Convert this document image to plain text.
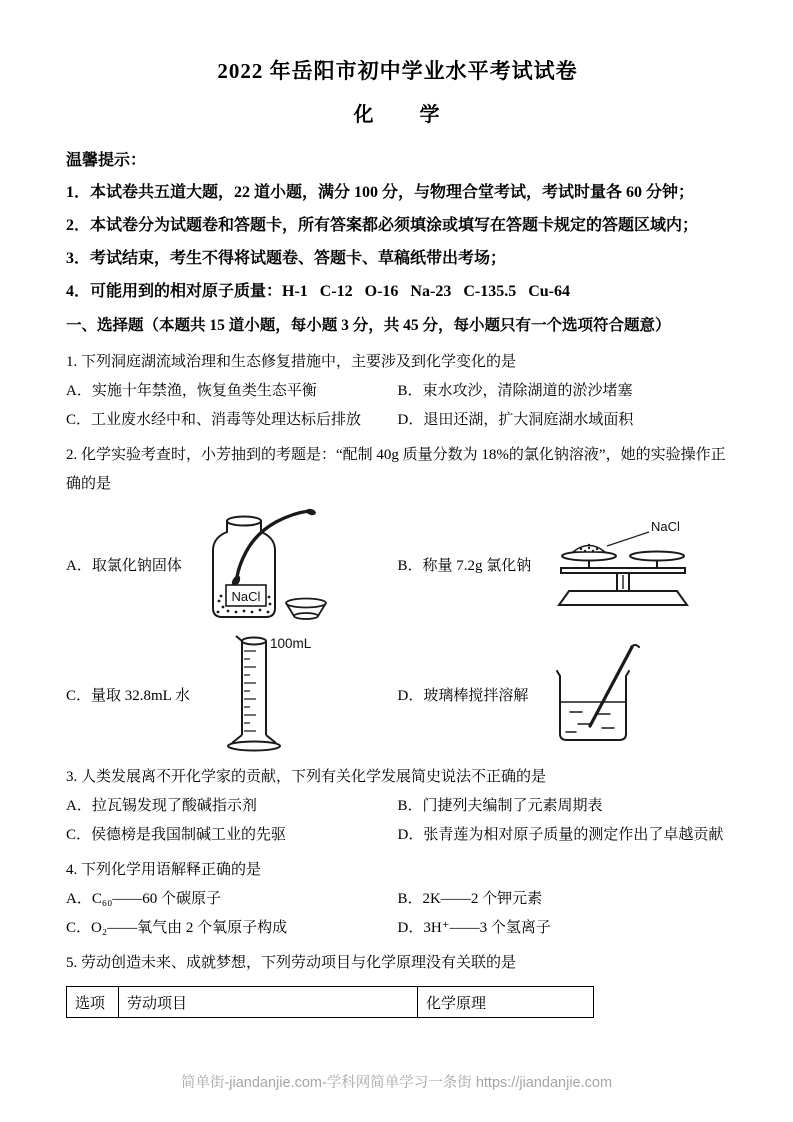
2022 年岳阳市初中学业水平考试试卷
化　　学
温馨提示：
1．本试卷共五道大题，22 道小题，满分 100 分，与物理合堂考试，考试时量各 60 分钟；
2．本试卷分为试题卷和答题卡，所有答案都必须填涂或填写在答题卡规定的答题区域内；
3．考试结束，考生不得将试题卷、答题卡、草稿纸带出考场；
4．可能用到的相对原子质量：H-1   C-12   O-16   Na-23   C-135.5   Cu-64
一、选择题（本题共 15 道小题，每小题 3 分，共 45 分，每小题只有一个选项符合题意）
1. 下列洞庭湖流域治理和生态修复措施中，主要涉及到化学变化的是
A．实施十年禁渔，恢复鱼类生态平衡	B．束水攻沙，清除湖道的淤沙堵塞
C．工业废水经中和、消毒等处理达标后排放	D．退田还湖，扩大洞庭湖水域面积
2. 化学实验考查时，小芳抽到的考题是：“配制 40g 质量分数为 18%的氯化钠溶液”，她的实验操作正确的是
A．取氯化钠固体
NaCl
B．称量 7.2g 氯化钠
NaCl
C．量取 32.8mL 水
100mL
D．玻璃棒搅拌溶解
3. 人类发展离不开化学家的贡献，下列有关化学发展简史说法不正确的是
A．拉瓦锡发现了酸碱指示剂	B．门捷列夫编制了元素周期表
C．侯德榜是我国制碱工业的先驱	D．张青莲为相对原子质量的测定作出了卓越贡献
4. 下列化学用语解释正确的是
A．C₆₀——60 个碳原子	B．2K——2 个钾元素
C．O₂——氧气由 2 个氧原子构成	D．3H⁺——3 个氢离子
5. 劳动创造未来、成就梦想，下列劳动项目与化学原理没有关联的是
选项	劳动项目	化学原理
简单街-jiandanjie.com-学科网简单学习一条街 https://jiandanjie.com
